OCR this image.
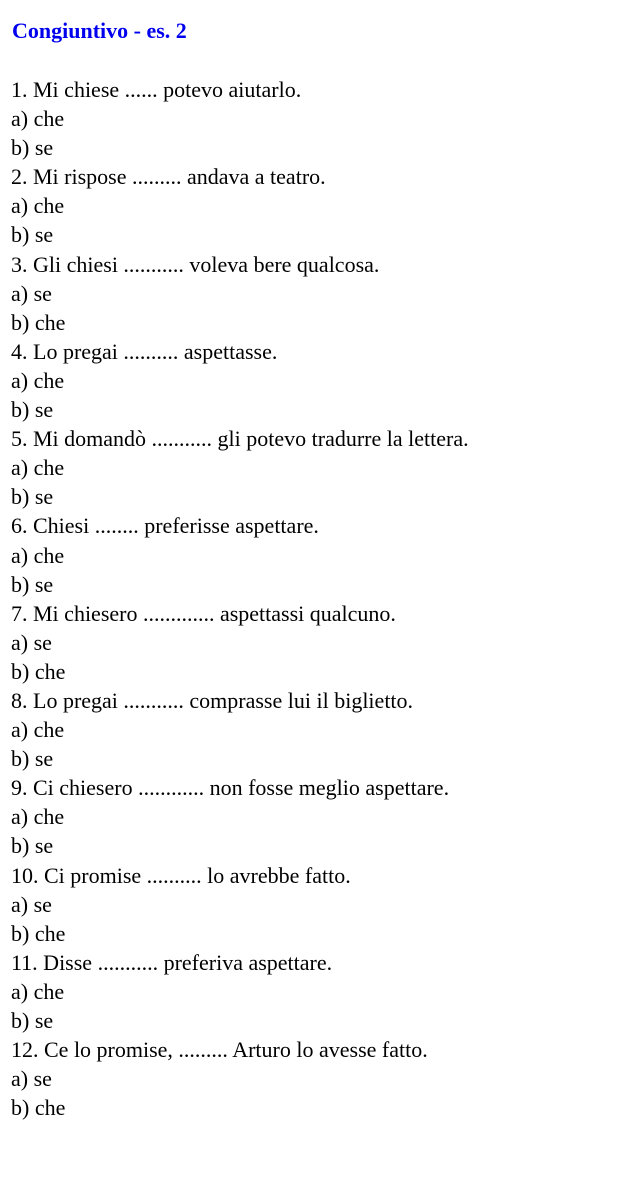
Congiuntivo - es. 2
1. Mi chiese ...... potevo aiutarlo.
a) che
b) se
2. Mi rispose ......... andava a teatro.
a) che
b) se
3. Gli chiesi ........... voleva bere qualcosa.
a) se
b) che
4. Lo pregai .......... aspettasse.
a) che
b) se
5. Mi domandò ........... gli potevo tradurre la lettera.
a) che
b) se
6. Chiesi ........ preferisse aspettare.
a) che
b) se
7. Mi chiesero ............. aspettassi qualcuno.
a) se
b) che
8. Lo pregai ........... comprasse lui il biglietto.
a) che
b) se
9. Ci chiesero ............ non fosse meglio aspettare.
a) che
b) se
10. Ci promise .......... lo avrebbe fatto.
a) se
b) che
11. Disse ........... preferiva aspettare.
a) che
b) se
12. Ce lo promise, ......... Arturo lo avesse fatto.
a) se
b) che
